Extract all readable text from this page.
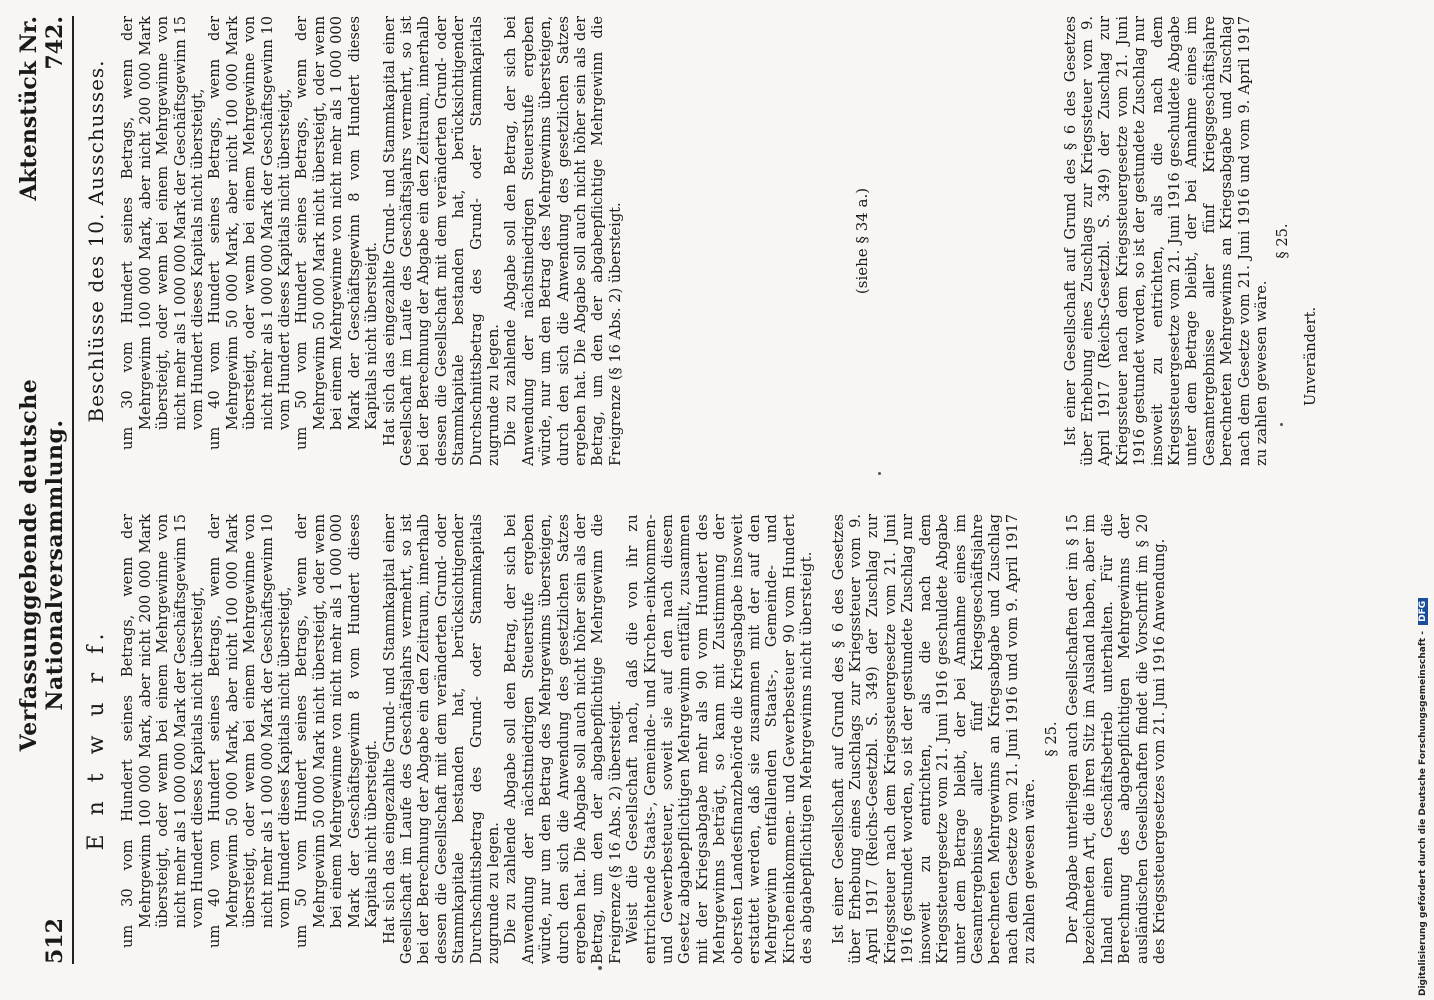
512
Verfassunggebende deutsche Nationalversammlung.
Aktenstück Nr. 742.
E n t w u r f. um 30 vom Hundert seines Betrags, wenn der Mehrgewinn 100 000 Mark, aber nicht 200 000 Mark übersteigt, oder wenn bei einem Mehrgewinne von nicht mehr als 1 000 000 Mark der Geschäftsgewinn 15 vom Hundert dieses Kapitals nicht übersteigt, um 40 vom Hundert seines Betrags, wenn der Mehrgewinn 50 000 Mark, aber nicht 100 000 Mark übersteigt, oder wenn bei einem Mehrgewinne von nicht mehr als 1 000 000 Mark der Geschäftsgewinn 10 vom Hundert dieses Kapitals nicht übersteigt, um 50 vom Hundert seines Betrags, wenn der Mehrgewinn 50 000 Mark nicht übersteigt, oder wenn bei einem Mehrgewinne von nicht mehr als 1 000 000 Mark der Geschäftsgewinn 8 vom Hundert dieses Kapitals nicht übersteigt. Hat sich das eingezahlte Grund- und Stammkapital einer Gesellschaft im Laufe des Geschäftsjahrs vermehrt, so ist bei der Berechnung der Abgabe ein den Zeitraum, innerhalb dessen die Gesellschaft mit dem veränderten Grund- oder Stammkapitale bestanden hat, berücksichtigender Durchschnittsbetrag des Grund- oder Stammkapitals zugrunde zu legen. Die zu zahlende Abgabe soll den Betrag, der sich bei Anwendung der nächstniedrigen Steuerstufe ergeben würde, nur um den Betrag des Mehrgewinns übersteigen, durch den sich die Anwendung des gesetzlichen Satzes ergeben hat. Die Abgabe soll auch nicht höher sein als der Betrag, um den der abgabepflichtige Mehrgewinn die Freigrenze (§ 16 Abs. 2) übersteigt. Weist die Gesellschaft nach, daß die von ihr zu entrichtende Staats-, Gemeinde- und Kirchen-einkommen- und Gewerbesteuer, soweit sie auf den nach diesem Gesetz abgabepflichtigen Mehrgewinn entfällt, zusammen mit der Kriegsabgabe mehr als 90 vom Hundert des Mehrgewinns beträgt, so kann mit Zustimmung der obersten Landesfinanzbehörde die Kriegsabgabe insoweit erstattet werden, daß sie zusammen mit der auf den Mehrgewinn entfallenden Staats-, Gemeinde- und Kircheneinkommen- und Gewerbesteuer 90 vom Hundert des abgabepflichtigen Mehrgewinns nicht übersteigt. Ist einer Gesellschaft auf Grund des § 6 des Gesetzes über Erhebung eines Zuschlags zur Kriegssteuer vom 9. April 1917 (Reichs-Gesetzbl. S. 349) der Zuschlag zur Kriegssteuer nach dem Kriegssteuergesetze vom 21. Juni 1916 gestundet worden, so ist der gestundete Zuschlag nur insoweit zu entrichten, als die nach dem Kriegssteuergesetze vom 21. Juni 1916 geschuldete Abgabe unter dem Betrage bleibt, der bei Annahme eines im Gesamtergebnisse aller fünf Kriegsgeschäftsjahre berechneten Mehrgewinns an Kriegsabgabe und Zuschlag nach dem Gesetze vom 21. Juni 1916 und vom 9. April 1917 zu zahlen gewesen wäre.

§ 25. Der Abgabe unterliegen auch Gesellschaften der im § 15 bezeichneten Art, die ihren Sitz im Ausland haben, aber im Inland einen Geschäftsbetrieb unterhalten. Für die Berechnung des abgabepflichtigen Mehrgewinns der ausländischen Gesellschaften findet die Vorschrift im § 20 des Kriegssteuergesetzes vom 21. Juni 1916 Anwendung.

Beschlüsse des 10. Ausschusses. um 30 vom Hundert seines Betrags, wenn der Mehrgewinn 100 000 Mark, aber nicht 200 000 Mark übersteigt, oder wenn bei einem Mehrgewinne von nicht mehr als 1 000 000 Mark der Geschäftsgewinn 15 vom Hundert dieses Kapitals nicht übersteigt, um 40 vom Hundert seines Betrags, wenn der Mehrgewinn 50 000 Mark, aber nicht 100 000 Mark übersteigt, oder wenn bei einem Mehrgewinne von nicht mehr als 1 000 000 Mark der Geschäftsgewinn 10 vom Hundert dieses Kapitals nicht übersteigt, um 50 vom Hundert seines Betrags, wenn der Mehrgewinn 50 000 Mark nicht übersteigt, oder wenn bei einem Mehrgewinne von nicht mehr als 1 000 000 Mark der Geschäftsgewinn 8 vom Hundert dieses Kapitals nicht übersteigt. Hat sich das eingezahlte Grund- und Stammkapital einer Gesellschaft im Laufe des Geschäftsjahrs vermehrt, so ist bei der Berechnung der Abgabe ein den Zeitraum, innerhalb dessen die Gesellschaft mit dem veränderten Grund- oder Stammkapitale bestanden hat, berücksichtigender Durchschnittsbetrag des Grund- oder Stammkapitals zugrunde zu legen. Die zu zahlende Abgabe soll den Betrag, der sich bei Anwendung der nächstniedrigen Steuerstufe ergeben würde, nur um den Betrag des Mehrgewinns übersteigen, durch den sich die Anwendung des gesetzlichen Satzes ergeben hat. Die Abgabe soll auch nicht höher sein als der Betrag, um den der abgabepflichtige Mehrgewinn die Freigrenze (§ 16 Abs. 2) übersteigt.	(siehe § 34 a.)	Ist einer Gesellschaft auf Grund des § 6 des Gesetzes über Erhebung eines Zuschlags zur Kriegssteuer vom 9. April 1917 (Reichs-Gesetzbl. S. 349) der Zuschlag zur Kriegssteuer nach dem Kriegssteuergesetze vom 21. Juni 1916 gestundet worden, so ist der gestundete Zuschlag nur insoweit zu entrichten, als die nach dem Kriegssteuergesetze vom 21. Juni 1916 geschuldete Abgabe unter dem Betrage bleibt, der bei Annahme eines im Gesamtergebnisse aller fünf Kriegsgeschäftsjahre berechneten Mehrgewinns an Kriegsabgabe und Zuschlag nach dem Gesetze vom 21. Juni 1916 und vom 9. April 1917 zu zahlen gewesen wäre.

§ 25.

Unverändert.

Digitalisierung gefördert durch die Deutsche Forschungsgemeinschaft - DFG
